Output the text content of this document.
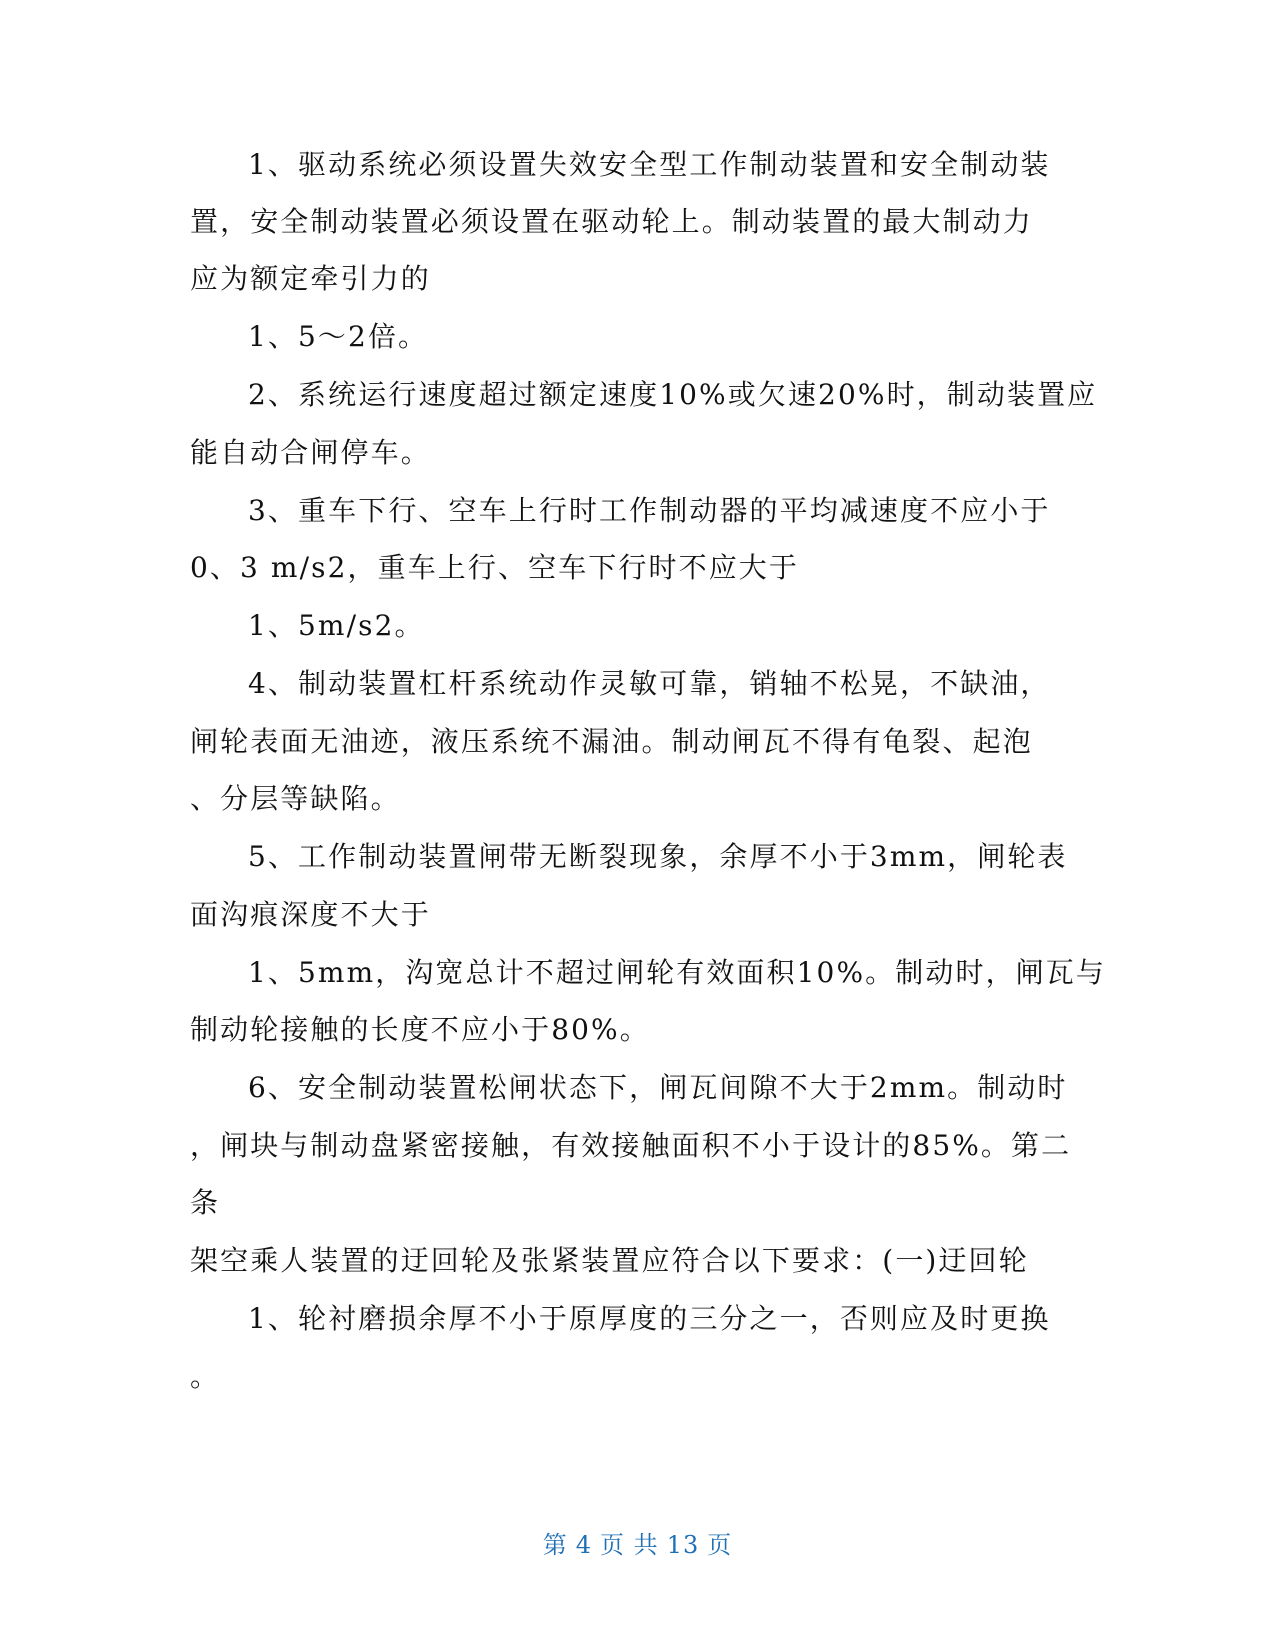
1、驱动系统必须设置失效安全型工作制动装置和安全制动装
置，安全制动装置必须设置在驱动轮上。制动装置的最大制动力
应为额定牵引力的
1、5～2倍。
2、系统运行速度超过额定速度10%或欠速20%时，制动装置应
能自动合闸停车。
3、重车下行、空车上行时工作制动器的平均减速度不应小于
0、3 m/s2，重车上行、空车下行时不应大于
1、5m/s2。
4、制动装置杠杆系统动作灵敏可靠，销轴不松晃，不缺油，
闸轮表面无油迹，液压系统不漏油。制动闸瓦不得有龟裂、起泡
、分层等缺陷。
5、工作制动装置闸带无断裂现象，余厚不小于3mm，闸轮表
面沟痕深度不大于
1、5mm，沟宽总计不超过闸轮有效面积10%。制动时，闸瓦与
制动轮接触的长度不应小于80%。
6、安全制动装置松闸状态下，闸瓦间隙不大于2mm。制动时
，闸块与制动盘紧密接触，有效接触面积不小于设计的85%。第二
条
架空乘人装置的迂回轮及张紧装置应符合以下要求：(一)迂回轮
1、轮衬磨损余厚不小于原厚度的三分之一，否则应及时更换
。
第 4 页 共 13 页
